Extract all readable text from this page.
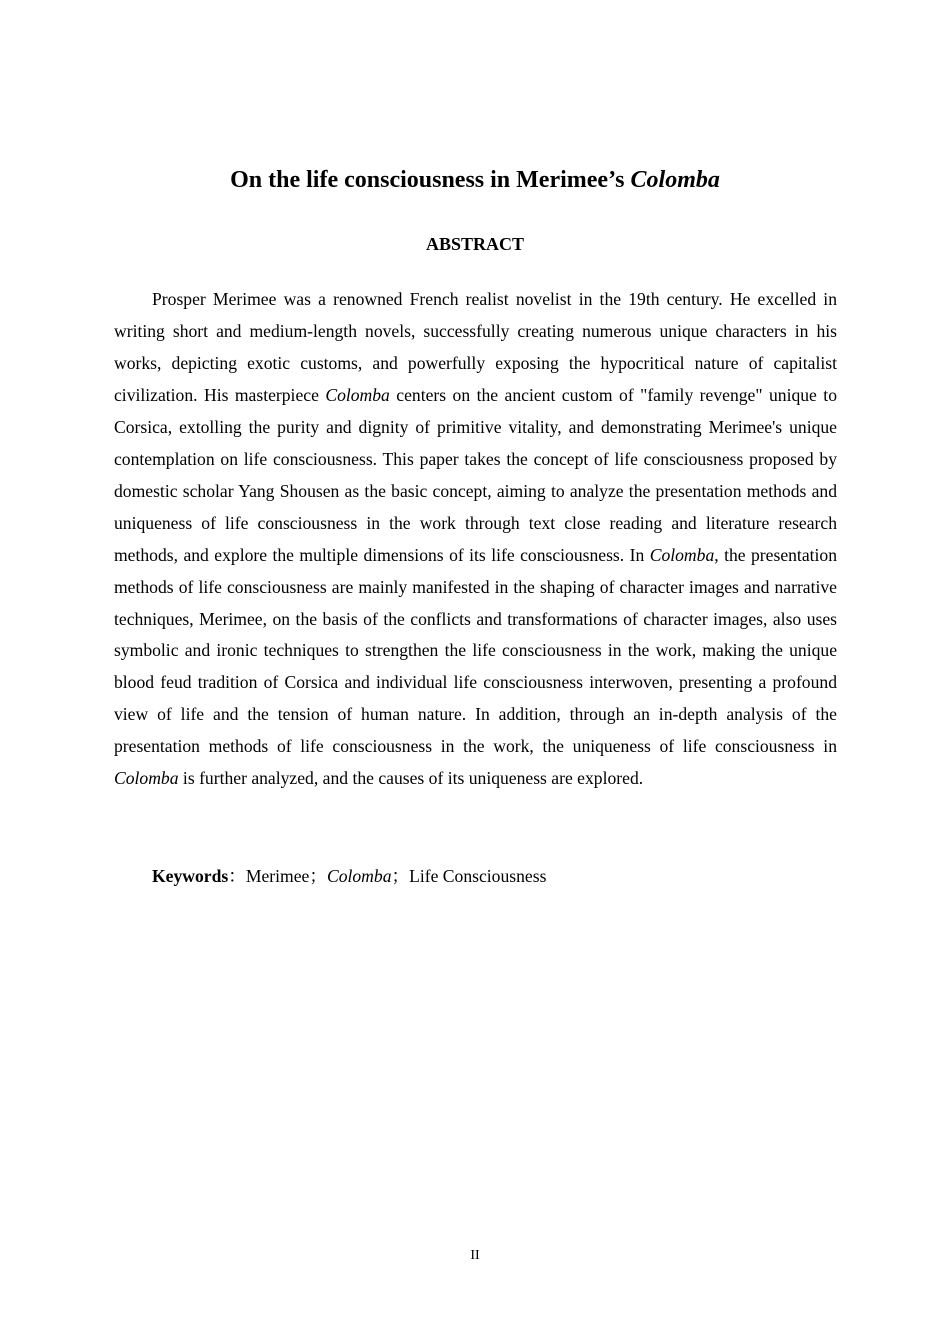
On the life consciousness in Merimee’s Colomba
ABSTRACT

Prosper Merimee was a renowned French realist novelist in the 19th century. He excelled in writing short and medium-length novels, successfully creating numerous unique characters in his works, depicting exotic customs, and powerfully exposing the hypocritical nature of capitalist civilization. His masterpiece Colomba centers on the ancient custom of "family revenge" unique to Corsica, extolling the purity and dignity of primitive vitality, and demonstrating Merimee's unique contemplation on life consciousness. This paper takes the concept of life consciousness proposed by domestic scholar Yang Shousen as the basic concept, aiming to analyze the presentation methods and uniqueness of life consciousness in the work through text close reading and literature research methods, and explore the multiple dimensions of its life consciousness. In Colomba, the presentation methods of life consciousness are mainly manifested in the shaping of character images and narrative techniques, Merimee, on the basis of the conflicts and transformations of character images, also uses symbolic and ironic techniques to strengthen the life consciousness in the work, making the unique blood feud tradition of Corsica and individual life consciousness interwoven, presenting a profound view of life and the tension of human nature. In addition, through an in-depth analysis of the presentation methods of life consciousness in the work, the uniqueness of life consciousness in Colomba is further analyzed, and the causes of its uniqueness are explored.

Keywords：Merimee；Colomba；Life Consciousness

II
